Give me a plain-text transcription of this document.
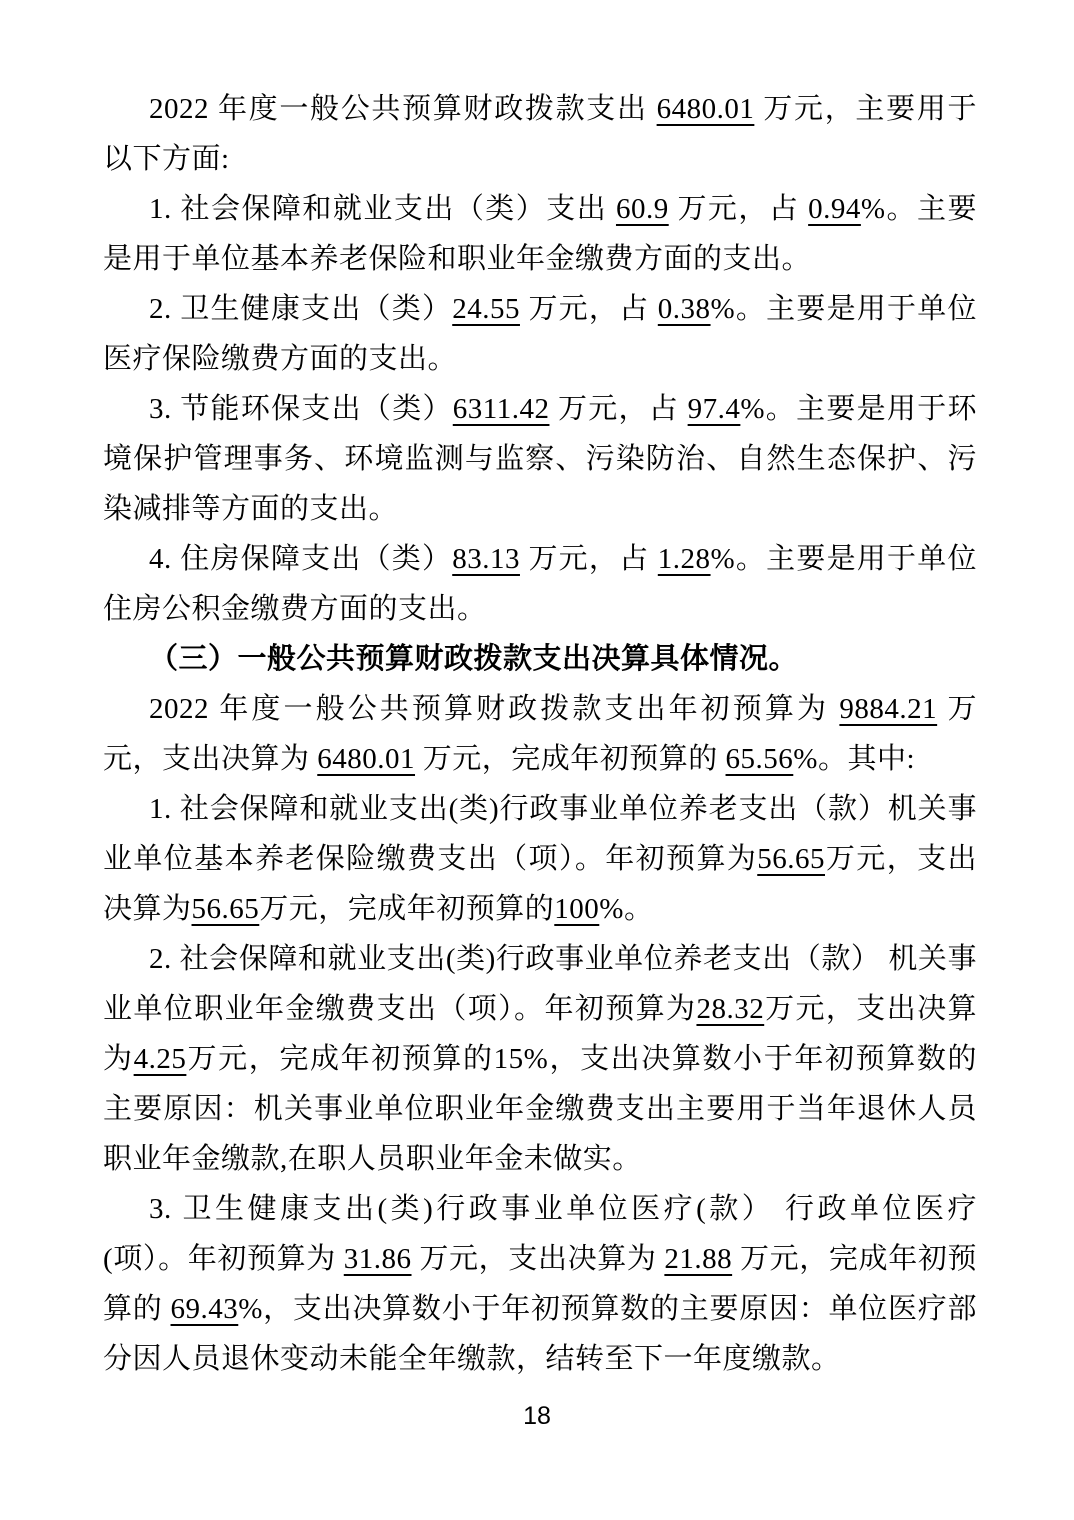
2022 年度一般公共预算财政拨款支出 6480.01 万元，主要用于以下方面:

1. 社会保障和就业支出（类）支出 60.9 万元，占 0.94%。主要是用于单位基本养老保险和职业年金缴费方面的支出。

2. 卫生健康支出（类）24.55 万元，占 0.38%。主要是用于单位医疗保险缴费方面的支出。

3. 节能环保支出（类）6311.42 万元，占 97.4%。主要是用于环境保护管理事务、环境监测与监察、污染防治、自然生态保护、污染减排等方面的支出。

4. 住房保障支出（类）83.13 万元，占 1.28%。主要是用于单位住房公积金缴费方面的支出。

（三）一般公共预算财政拨款支出决算具体情况。

2022 年度一般公共预算财政拨款支出年初预算为 9884.21 万元，支出决算为 6480.01 万元，完成年初预算的 65.56%。其中:

1. 社会保障和就业支出(类)行政事业单位养老支出（款）机关事业单位基本养老保险缴费支出（项）。年初预算为56.65万元，支出决算为56.65万元，完成年初预算的100%。

2. 社会保障和就业支出(类)行政事业单位养老支出（款） 机关事业单位职业年金缴费支出（项）。年初预算为28.32万元，支出决算为4.25万元，完成年初预算的15%，支出决算数小于年初预算数的主要原因：机关事业单位职业年金缴费支出主要用于当年退休人员职业年金缴款,在职人员职业年金未做实。

3. 卫生健康支出(类)行政事业单位医疗(款） 行政单位医疗(项）。年初预算为 31.86 万元，支出决算为 21.88 万元，完成年初预算的 69.43%，支出决算数小于年初预算数的主要原因：单位医疗部分因人员退休变动未能全年缴款，结转至下一年度缴款。

18
